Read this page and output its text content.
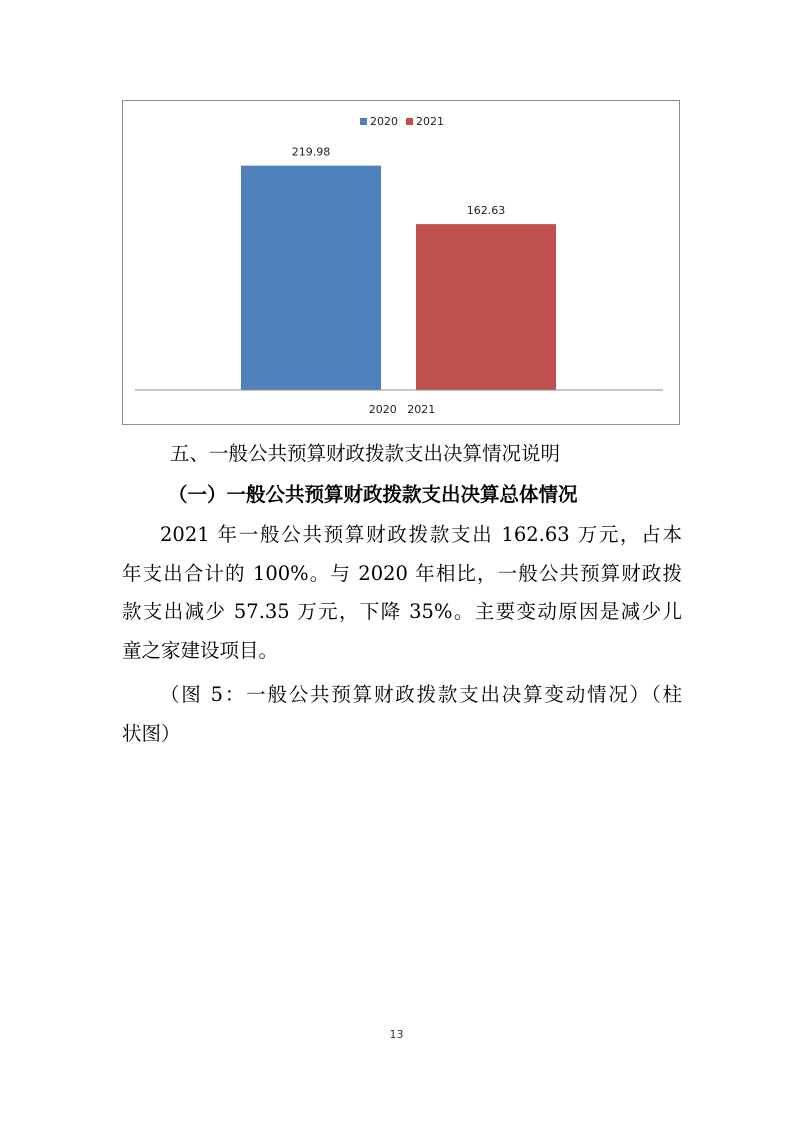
2020 2021
219.98
162.63
2020   2021
五、一般公共预算财政拨款支出决算情况说明
（一）一般公共预算财政拨款支出决算总体情况
2021 年一般公共预算财政拨款支出 162.63 万元，占本
年支出合计的 100%。与 2020 年相比，一般公共预算财政拨
款支出减少 57.35 万元，下降 35%。主要变动原因是减少儿
童之家建设项目。
（图 5：一般公共预算财政拨款支出决算变动情况）（柱
状图）
13
